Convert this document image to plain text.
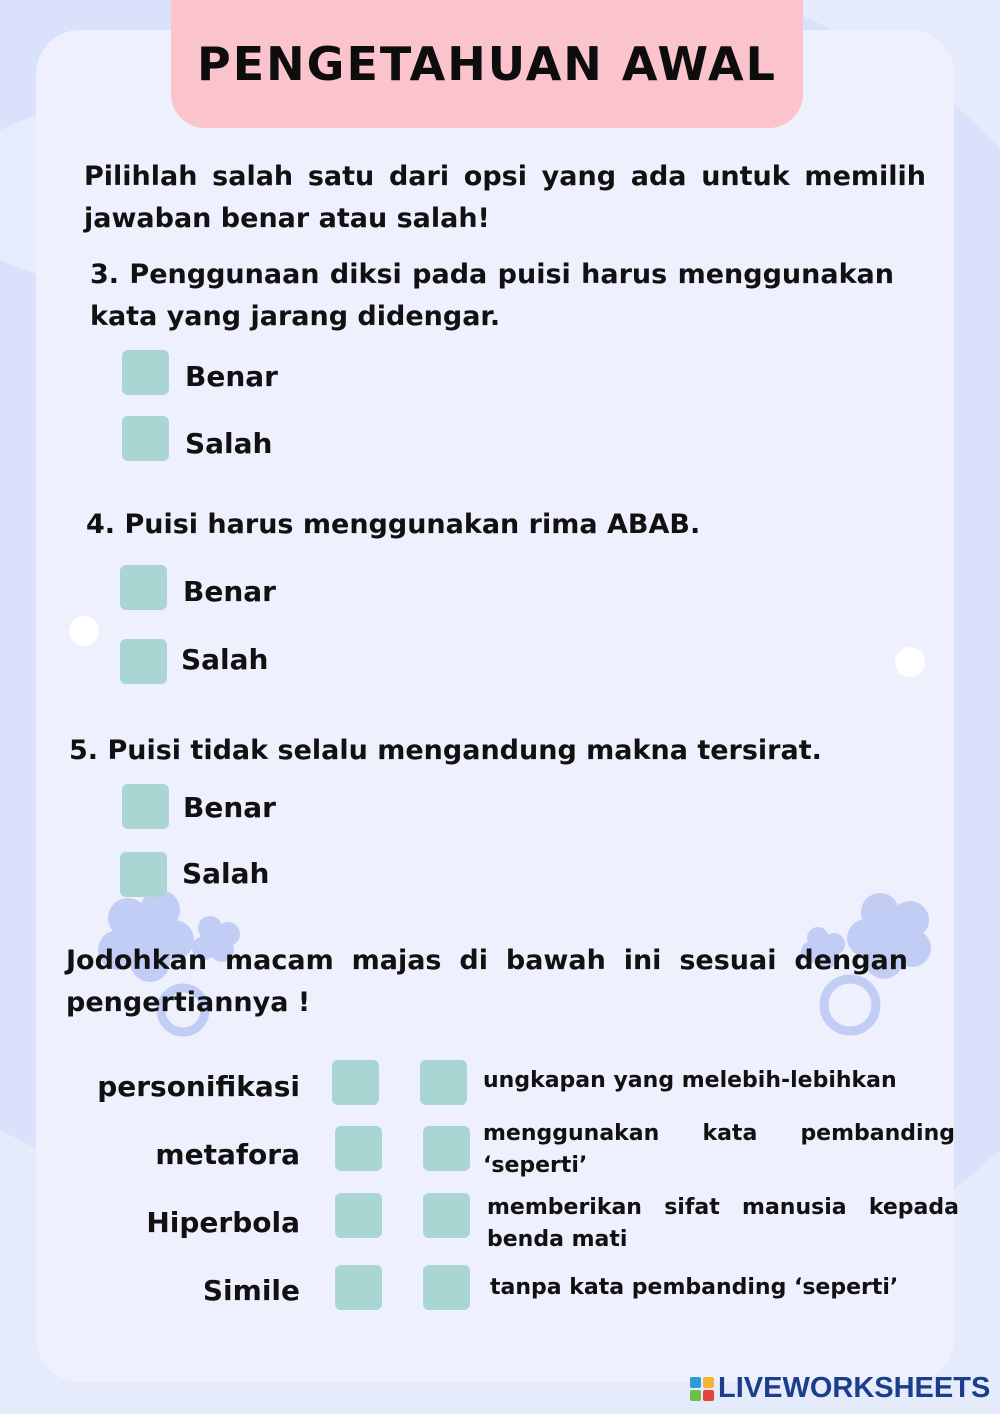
PENGETAHUAN AWAL
Pilihlah salah satu dari opsi yang ada untuk memilih jawaban benar atau salah!
3. Penggunaan diksi pada puisi harus menggunakan kata yang jarang didengar.
Benar
Salah
4. Puisi harus menggunakan rima ABAB.
Benar
Salah
5. Puisi tidak selalu mengandung makna tersirat.
Benar
Salah
Jodohkan macam majas di bawah ini sesuai dengan pengertiannya !
personifikasi
metafora
Hiperbola
Simile
ungkapan yang melebih-lebihkan
menggunakan kata pembanding ‘seperti’
memberikan sifat manusia kepada benda mati
tanpa kata pembanding ‘seperti’
LIVEWORKSHEETS
